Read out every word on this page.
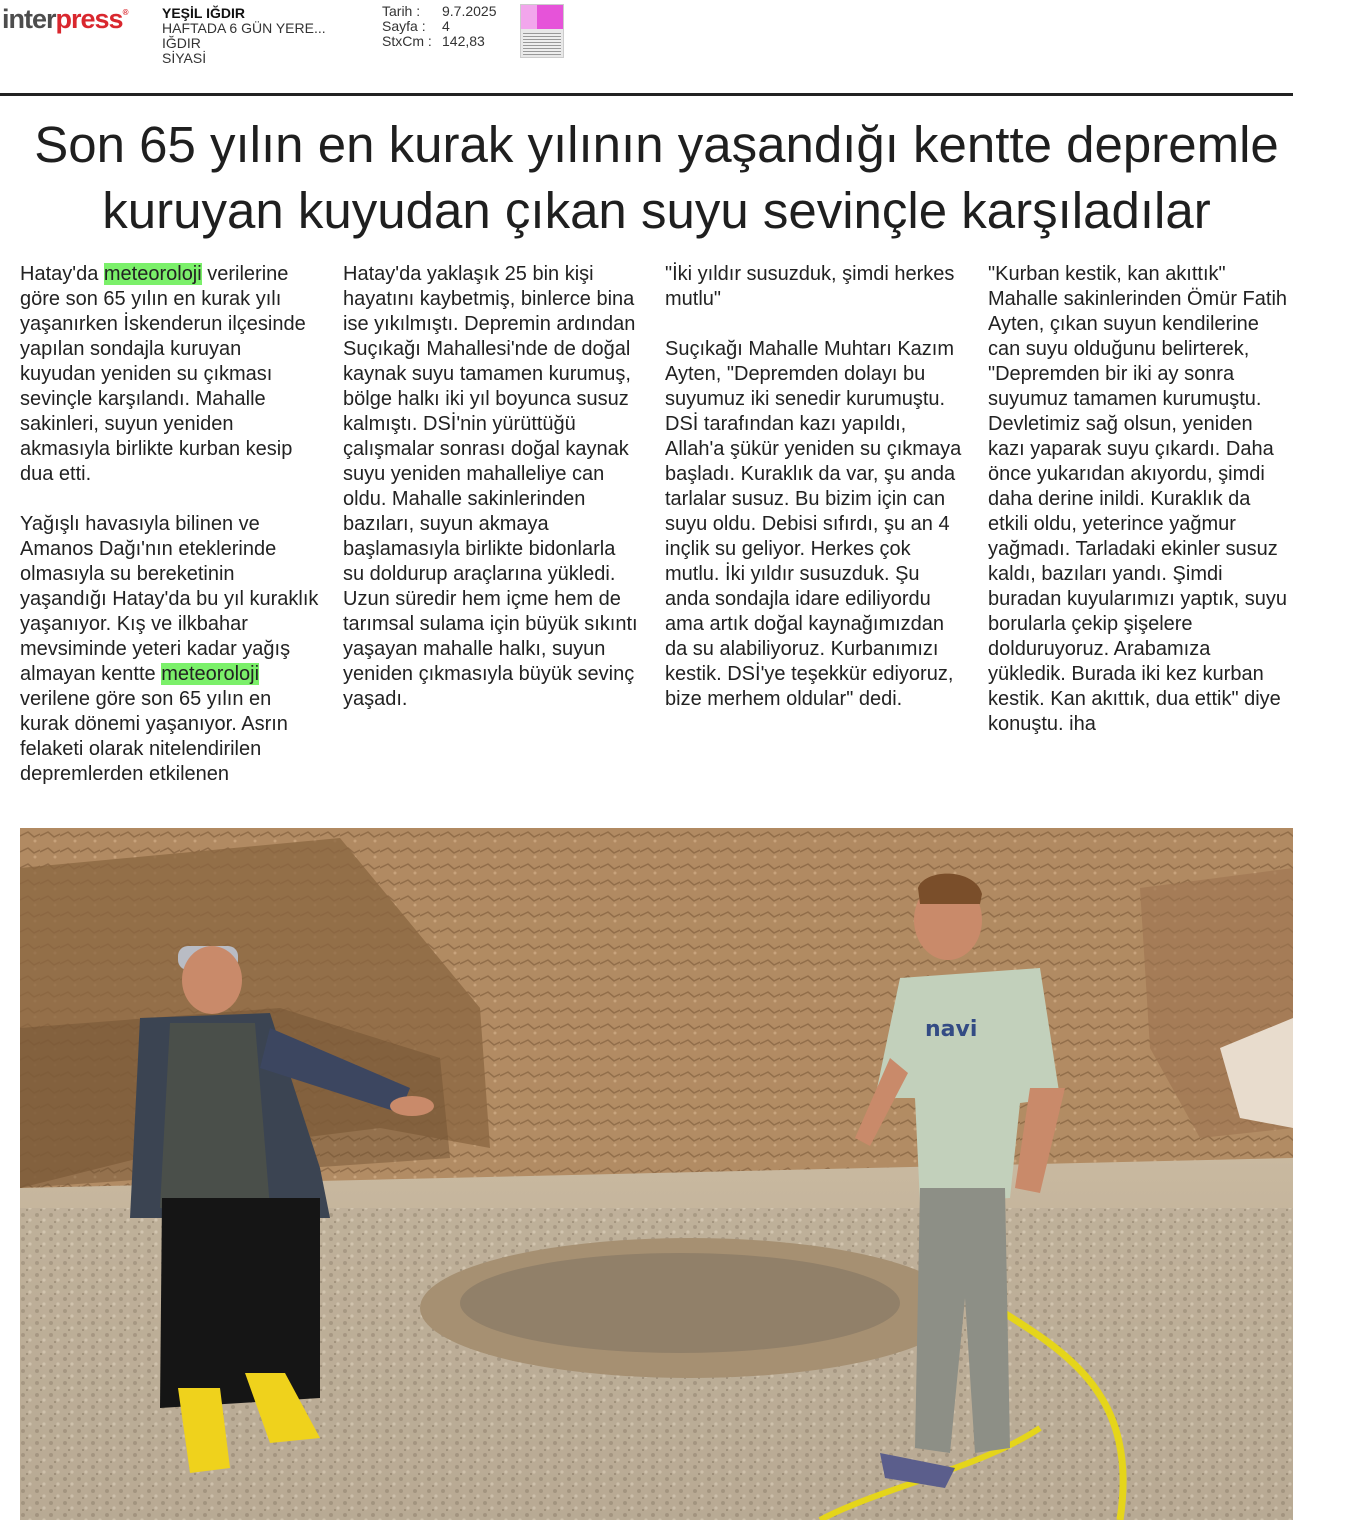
interpress® YEŞİL IĞDIR
HAFTADA 6 GÜN YERE...
IĞDIR
SİYASİ
Tarih :	9.7.2025
Sayfa :	4
StxCm : 142,83
Son 65 yılın en kurak yılının yaşandığı kentte depremle
kuruyan kuyudan çıkan suyu sevinçle karşıladılar

Hatay'da meteoroloji verilerine göre son 65 yılın en kurak yılı yaşanırken İskenderun ilçesinde yapılan sondajla kuruyan kuyudan yeniden su çıkması sevinçle karşılandı. Mahalle sakinleri, suyun yeniden akmasıyla birlikte kurban kesip dua etti.

Yağışlı havasıyla bilinen ve Amanos Dağı'nın eteklerinde olmasıyla su bereketinin yaşandığı Hatay'da bu yıl kuraklık yaşanıyor. Kış ve ilkbahar mevsiminde yeteri kadar yağış almayan kentte meteoroloji verilene göre son 65 yılın en kurak dönemi yaşanıyor. Asrın felaketi olarak nitelendirilen depremlerden etkilenen

Hatay'da yaklaşık 25 bin kişi hayatını kaybetmiş, binlerce bina ise yıkılmıştı. Depremin ardından Suçıkağı Mahallesi'nde de doğal kaynak suyu tamamen kurumuş, bölge halkı iki yıl boyunca susuz kalmıştı. DSİ'nin yürüttüğü çalışmalar sonrası doğal kaynak suyu yeniden mahalleliye can oldu. Mahalle sakinlerinden bazıları, suyun akmaya başlamasıyla birlikte bidonlarla su doldurup araçlarına yükledi. Uzun süredir hem içme hem de tarımsal sulama için büyük sıkıntı yaşayan mahalle halkı, suyun yeniden çıkmasıyla büyük sevinç yaşadı.

"İki yıldır susuzduk, şimdi herkes mutlu"

Suçıkağı Mahalle Muhtarı Kazım Ayten, "Depremden dolayı bu suyumuz iki senedir kurumuştu. DSİ tarafından kazı yapıldı, Allah'a şükür yeniden su çıkmaya başladı. Kuraklık da var, şu anda tarlalar susuz. Bu bizim için can suyu oldu. Debisi sıfırdı, şu an 4 inçlik su geliyor. Herkes çok mutlu. İki yıldır susuzduk. Şu anda sondajla idare ediliyordu ama artık doğal kaynağımızdan da su alabiliyoruz. Kurbanımızı kestik. DSİ'ye teşekkür ediyoruz, bize merhem oldular" dedi.

"Kurban kestik, kan akıttık"

Mahalle sakinlerinden Ömür Fatih Ayten, çıkan suyun kendilerine can suyu olduğunu belirterek, "Depremden bir iki ay sonra suyumuz tamamen kurumuştu. Devletimiz sağ olsun, yeniden kazı yaparak suyu çıkardı. Daha önce yukarıdan akıyordu, şimdi daha derine inildi. Kuraklık da etkili oldu, yeterince yağmur yağmadı. Tarladaki ekinler susuz kaldı, bazıları yandı. Şimdi buradan kuyularımızı yaptık, suyu borularla çekip şişelere dolduruyoruz. Arabamıza yükledik. Burada iki kez kurban kestik. Kan akıttık, dua ettik" diye konuştu. iha

navi
